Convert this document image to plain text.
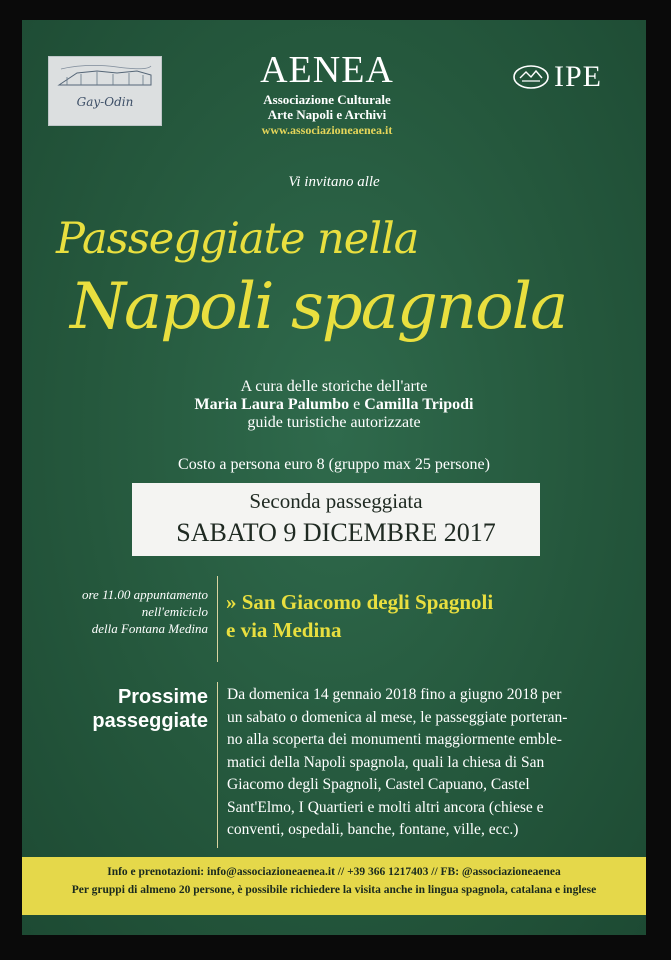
Gay-Odin
AENEA
Associazione Culturale
Arte Napoli e Archivi
www.associazioneaenea.it
IPE
Vi invitano alle
Passeggiate nella
Napoli spagnola
A cura delle storiche dell'arte
Maria Laura Palumbo e Camilla Tripodi
guide turistiche autorizzate
Costo a persona euro 8 (gruppo max 25 persone)
Seconda passeggiata
SABATO 9 DICEMBRE 2017
ore 11.00 appuntamento
nell'emiciclo
della Fontana Medina
» San Giacomo degli Spagnoli
e via Medina
Prossime
passeggiate
Da domenica 14 gennaio 2018 fino a giugno 2018 per
un sabato o domenica al mese, le passeggiate porteran-
no alla scoperta dei monumenti maggiormente emble-
matici della Napoli spagnola, quali la chiesa di San
Giacomo degli Spagnoli, Castel Capuano, Castel
Sant'Elmo, I Quartieri e molti altri ancora (chiese e
conventi, ospedali, banche, fontane, ville, ecc.)
Info e prenotazioni: info@associazioneaenea.it // +39 366 1217403 // FB: @associazioneaenea
Per gruppi di almeno 20 persone, è possibile richiedere la visita anche in lingua spagnola, catalana e inglese
